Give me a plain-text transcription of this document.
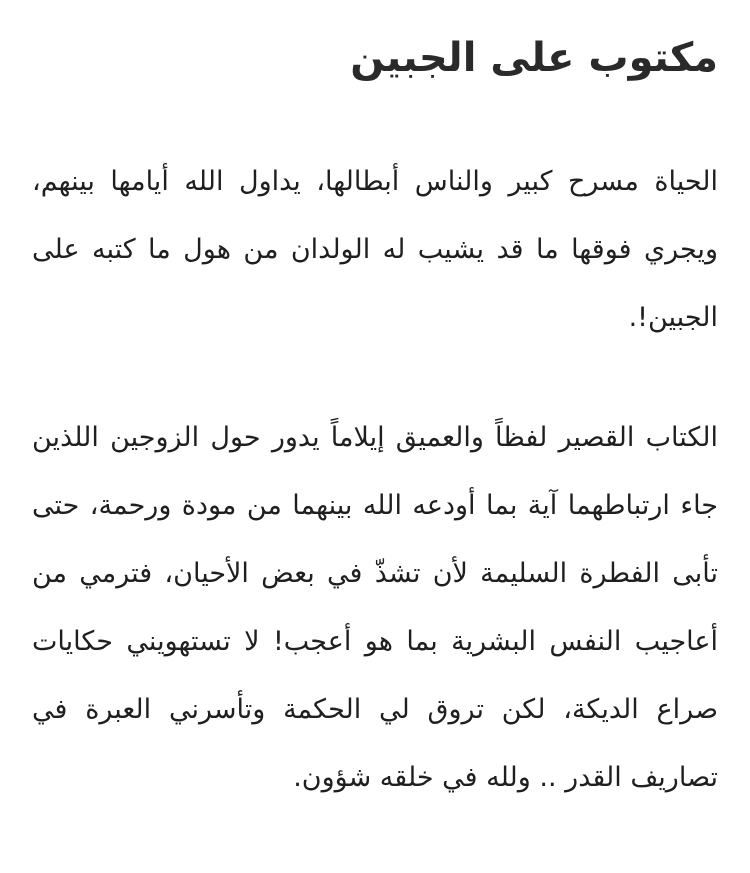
مكتوب على الجبين

الحياة مسرح كبير والناس أبطالها، يداول الله أيامها بينهم، ويجري فوقها ما قد يشيب له الولدان من هول ما كتبه على الجبين!.

الكتاب القصير لفظاً والعميق إيلاماً يدور حول الزوجين اللذين جاء ارتباطهما آية بما أودعه الله بينهما من مودة ورحمة، حتى تأبى الفطرة السليمة لأن تشذّ في بعض الأحيان، فترمي من أعاجيب النفس البشرية بما هو أعجب! لا تستهويني حكايات صراع الديكة، لكن تروق لي الحكمة وتأسرني العبرة في تصاريف القدر .. ولله في خلقه شؤون.
